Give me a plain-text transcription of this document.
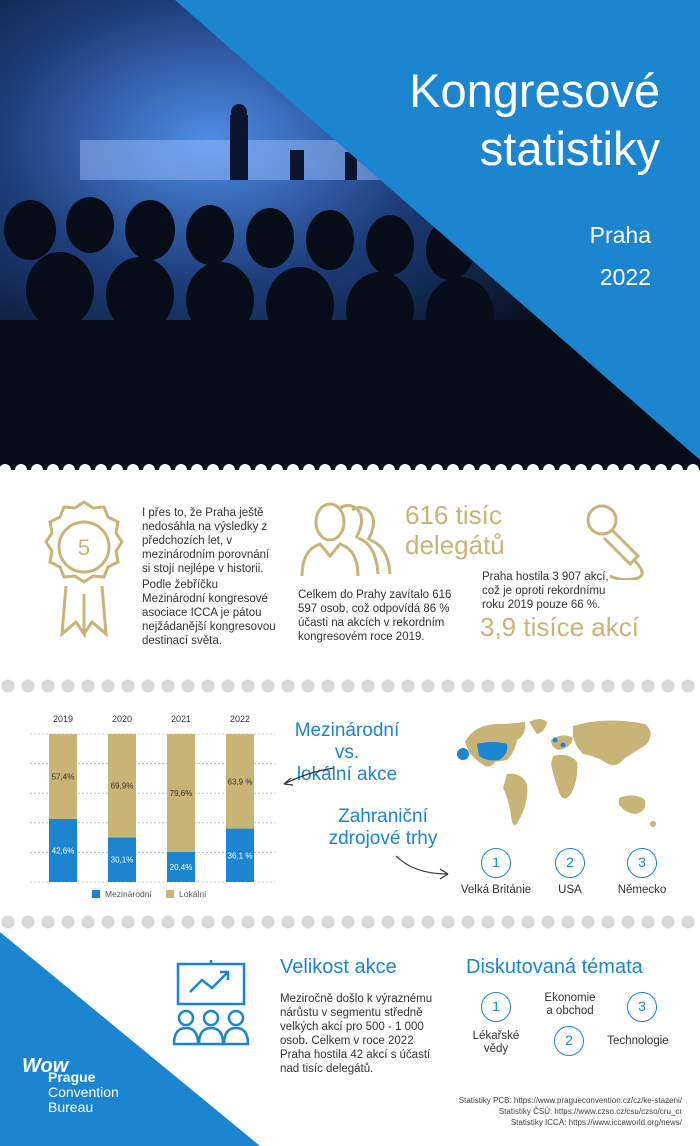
Kongresové
statistiky
Praha
2022
5
I přes to, že Praha ještě
nedosáhla na výsledky z
předchozích let, v
mezinárodním porovnání
si stojí nejlépe v historii.
Podle žebříčku
Mezinárodní kongresové
asociace ICCA je pátou
nejžádanější kongresovou
destinací světa.
616 tisíc
delegátů
Celkem do Prahy zavítalo 616
597 osob, což odpovídá 86 %
účasti na akcích v rekordním
kongresovém roce 2019.
Praha hostila 3 907 akcí,
což je oproti rekordnímu
roku 2019 pouze 66 %.
3,9 tisíce akcí
2019
42,6%
57,4%
2020
30,1%
69,9%
2021
20,4%
79,6%
2022
36,1 %
63,9 %
Mezinárodní	Lokální
Mezinárodní vs.
lokální akce
Zahraniční
zdrojové trhy
1	2	3
Velká Británie	USA	Německo
Velikost akce
Meziročně došlo k výraznému
nárůstu v segmentu středně
velkých akcí pro 500 - 1 000
osob. Celkem v roce 2022
Praha hostila 42 akcí s účastí
nad tisíc delegátů.
Diskutovaná témata
1
2
3
Lékařské
vědy
Ekonomie
a obchod
Technologie
Wow
Prague
Convention
Bureau	Statistiky PCB: https://www.pragueconvention.cz/cz/ke-stazeni/
Statistiky ČSÚ: https://www.czso.cz/csu/czso/cru_cr
Statistiky ICCA: https://www.iccaworld.org/news/
